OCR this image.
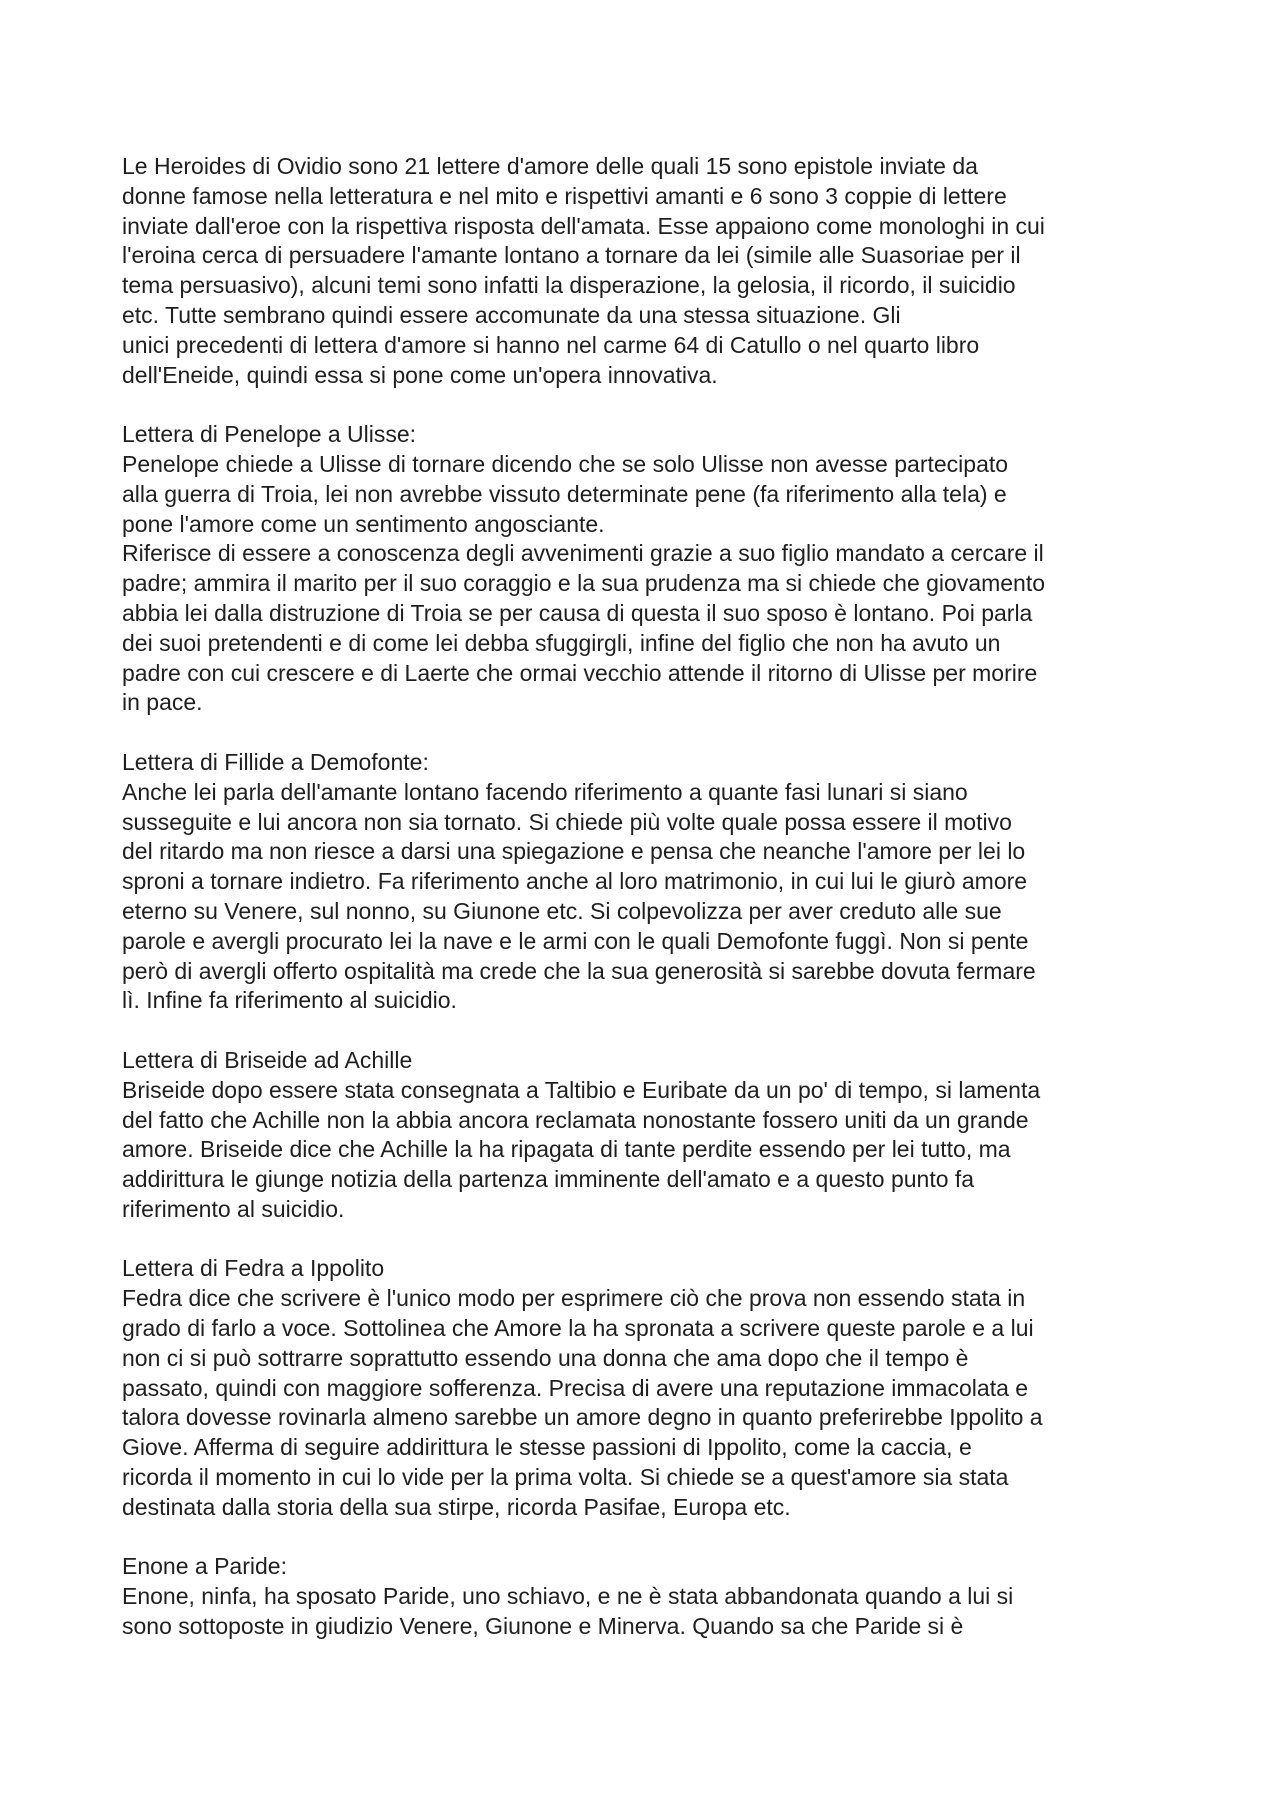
Le Heroides di Ovidio sono 21 lettere d'amore delle quali 15 sono epistole inviate da
donne famose nella letteratura e nel mito e rispettivi amanti e 6 sono 3 coppie di lettere
inviate dall'eroe con la rispettiva risposta dell'amata. Esse appaiono come monologhi in cui
l'eroina cerca di persuadere l'amante lontano a tornare da lei (simile alle Suasoriae per il
tema persuasivo), alcuni temi sono infatti la disperazione, la gelosia, il ricordo, il suicidio
etc. Tutte sembrano quindi essere accomunate da una stessa situazione. Gli
unici precedenti di lettera d'amore si hanno nel carme 64 di Catullo o nel quarto libro
dell'Eneide, quindi essa si pone come un'opera innovativa.
Lettera di Penelope a Ulisse:
Penelope chiede a Ulisse di tornare dicendo che se solo Ulisse non avesse partecipato
alla guerra di Troia, lei non avrebbe vissuto determinate pene (fa riferimento alla tela) e
pone l'amore come un sentimento angosciante.
Riferisce di essere a conoscenza degli avvenimenti grazie a suo figlio mandato a cercare il
padre; ammira il marito per il suo coraggio e la sua prudenza ma si chiede che giovamento
abbia lei dalla distruzione di Troia se per causa di questa il suo sposo è lontano. Poi parla
dei suoi pretendenti e di come lei debba sfuggirgli, infine del figlio che non ha avuto un
padre con cui crescere e di Laerte che ormai vecchio attende il ritorno di Ulisse per morire
in pace.
Lettera di Fillide a Demofonte:
Anche lei parla dell'amante lontano facendo riferimento a quante fasi lunari si siano
susseguite e lui ancora non sia tornato. Si chiede più volte quale possa essere il motivo
del ritardo ma non riesce a darsi una spiegazione e pensa che neanche l'amore per lei lo
sproni a tornare indietro. Fa riferimento anche al loro matrimonio, in cui lui le giurò amore
eterno su Venere, sul nonno, su Giunone etc. Si colpevolizza per aver creduto alle sue
parole e avergli procurato lei la nave e le armi con le quali Demofonte fuggì. Non si pente
però di avergli offerto ospitalità ma crede che la sua generosità si sarebbe dovuta fermare
lì. Infine fa riferimento al suicidio.
Lettera di Briseide ad Achille
Briseide dopo essere stata consegnata a Taltibio e Euribate da un po' di tempo, si lamenta
del fatto che Achille non la abbia ancora reclamata nonostante fossero uniti da un grande
amore. Briseide dice che Achille la ha ripagata di tante perdite essendo per lei tutto, ma
addirittura le giunge notizia della partenza imminente dell'amato e a questo punto fa
riferimento al suicidio.
Lettera di Fedra a Ippolito
Fedra dice che scrivere è l'unico modo per esprimere ciò che prova non essendo stata in
grado di farlo a voce. Sottolinea che Amore la ha spronata a scrivere queste parole e a lui
non ci si può sottrarre soprattutto essendo una donna che ama dopo che il tempo è
passato, quindi con maggiore sofferenza. Precisa di avere una reputazione immacolata e
talora dovesse rovinarla almeno sarebbe un amore degno in quanto preferirebbe Ippolito a
Giove. Afferma di seguire addirittura le stesse passioni di Ippolito, come la caccia, e
ricorda il momento in cui lo vide per la prima volta. Si chiede se a quest'amore sia stata
destinata dalla storia della sua stirpe, ricorda Pasifae, Europa etc.
Enone a Paride:
Enone, ninfa, ha sposato Paride, uno schiavo, e ne è stata abbandonata quando a lui si
sono sottoposte in giudizio Venere, Giunone e Minerva. Quando sa che Paride si è
